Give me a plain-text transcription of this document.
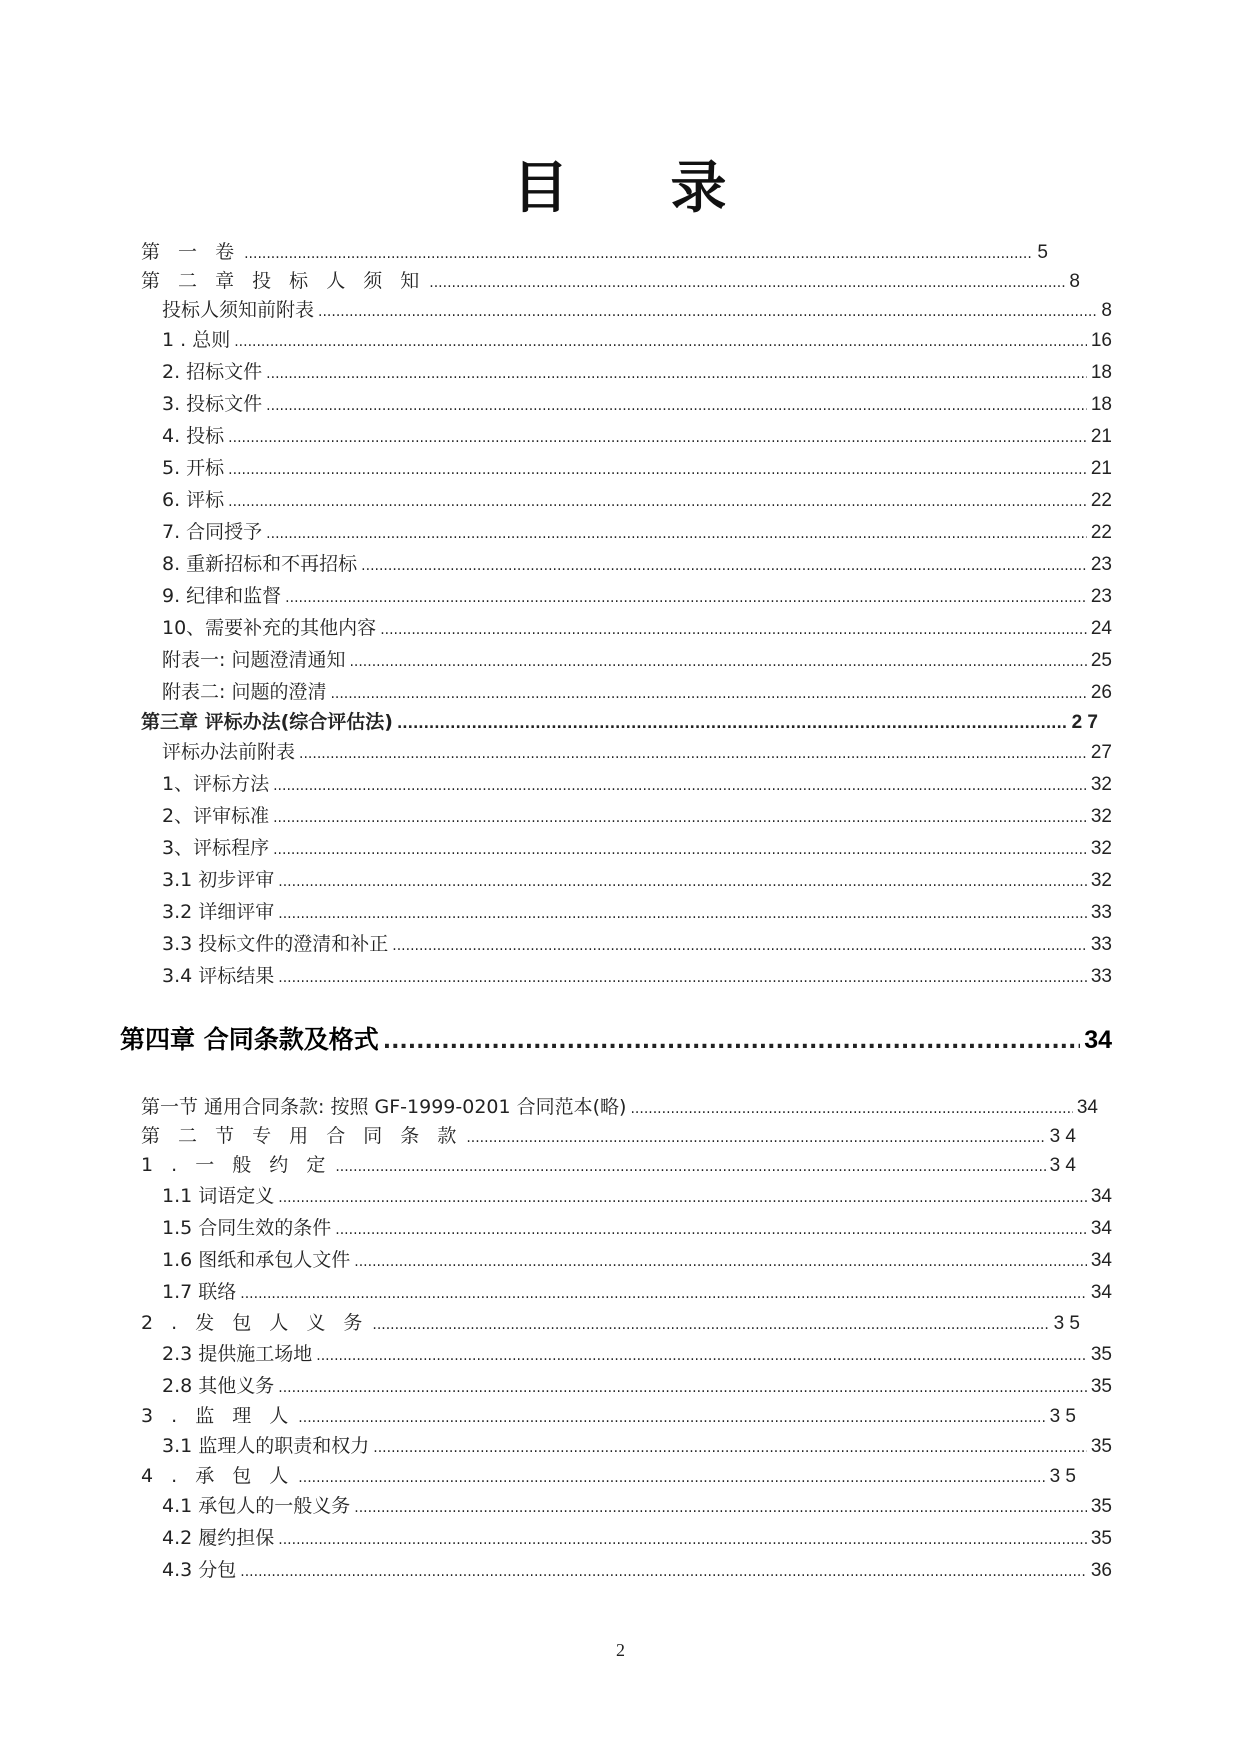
目 录
第 一 卷 .....	5
第 二 章 投 标 人 须 知 .....	8
投标人须知前附表 .....	8
1 . 总则 .....	16
2. 招标文件 .....	18
3. 投标文件 .....	18
4. 投标 .....	21
5. 开标 .....	21
6. 评标 .....	22
7. 合同授予 .....	22
8. 重新招标和不再招标 .....	23
9. 纪律和监督 .....	23
10、需要补充的其他内容 .....	24
附表一: 问题澄清通知 .....	25
附表二: 问题的澄清 .....	26
第三章 评标办法(综合评估法) .....	2 7
评标办法前附表 .....	27
1、评标方法 .....	32
2、评审标准 .....	32
3、评标程序 .....	32
3.1 初步评审 .....	32
3.2 详细评审 .....	33
3.3 投标文件的澄清和补正 .....	33
3.4 评标结果 .....	33
第四章 合同条款及格式 .....	34
第一节 通用合同条款: 按照 GF-1999-0201 合同范本(略) .....	34
第 二 节 专 用 合 同 条 款 .....	3 4
1 . 一 般 约 定 .....	3 4
1.1 词语定义 .....	34
1.5 合同生效的条件 .....	34
1.6 图纸和承包人文件 .....	34
1.7 联络 .....	34
2 . 发 包 人 义 务 .....	3 5
2.3 提供施工场地 .....	35
2.8 其他义务 .....	35
3 . 监 理 人 .....	3 5
3.1 监理人的职责和权力 .....	35
4 . 承 包 人 .....	3 5
4.1 承包人的一般义务 .....	35
4.2 履约担保 .....	35
4.3 分包 .....	36
2
